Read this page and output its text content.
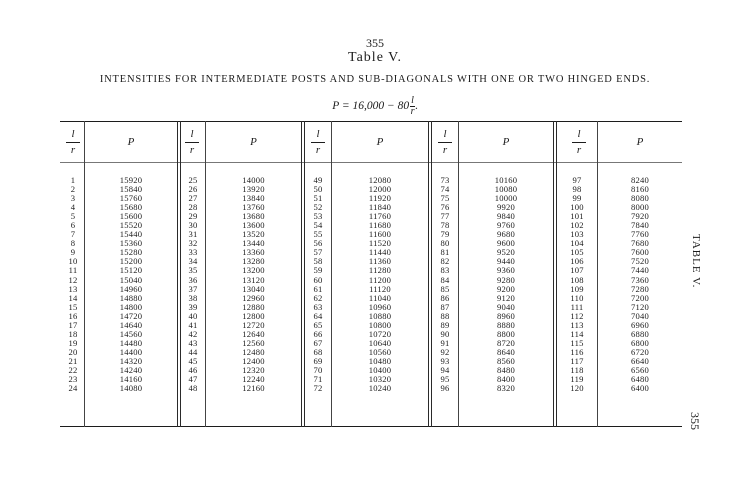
355
Table V.
INTENSITIES FOR INTERMEDIATE POSTS AND SUB-DIAGONALS WITH ONE OR TWO HINGED ENDS.
$P = 16,000 - 80 \frac{l}{r}$ .
l
r
P
l
r
P
l
r
P
l
r
P
l
r
P
1
2
3
4
5
6
7
8
9
10
11
12
13
14
15
16
17
18
19
20
21
22
23
24
15920
15840
15760
15680
15600
15520
15440
15360
15280
15200
15120
15040
14960
14880
14800
14720
14640
14560
14480
14400
14320
14240
14160
14080
25
26
27
28
29
30
31
32
33
34
35
36
37
38
39
40
41
42
43
44
45
46
47
48
14000
13920
13840
13760
13680
13600
13520
13440
13360
13280
13200
13120
13040
12960
12880
12800
12720
12640
12560
12480
12400
12320
12240
12160
49
50
51
52
53
54
55
56
57
58
59
60
61
62
63
64
65
66
67
68
69
70
71
72
12080
12000
11920
11840
11760
11680
11600
11520
11440
11360
11280
11200
11120
11040
10960
10880
10800
10720
10640
10560
10480
10400
10320
10240
73
74
75
76
77
78
79
80
81
82
83
84
85
86
87
88
89
90
91
92
93
94
95
96
10160
10080
10000
9920
9840
9760
9680
9600
9520
9440
9360
9280
9200
9120
9040
8960
8880
8800
8720
8640
8560
8480
8400
8320
97
98
99
100
101
102
103
104
105
106
107
108
109
110
111
112
113
114
115
116
117
118
119
120
8240
8160
8080
8000
7920
7840
7760
7680
7600
7520
7440
7360
7280
7200
7120
7040
6960
6880
6800
6720
6640
6560
6480
6400
TABLE V.
355
